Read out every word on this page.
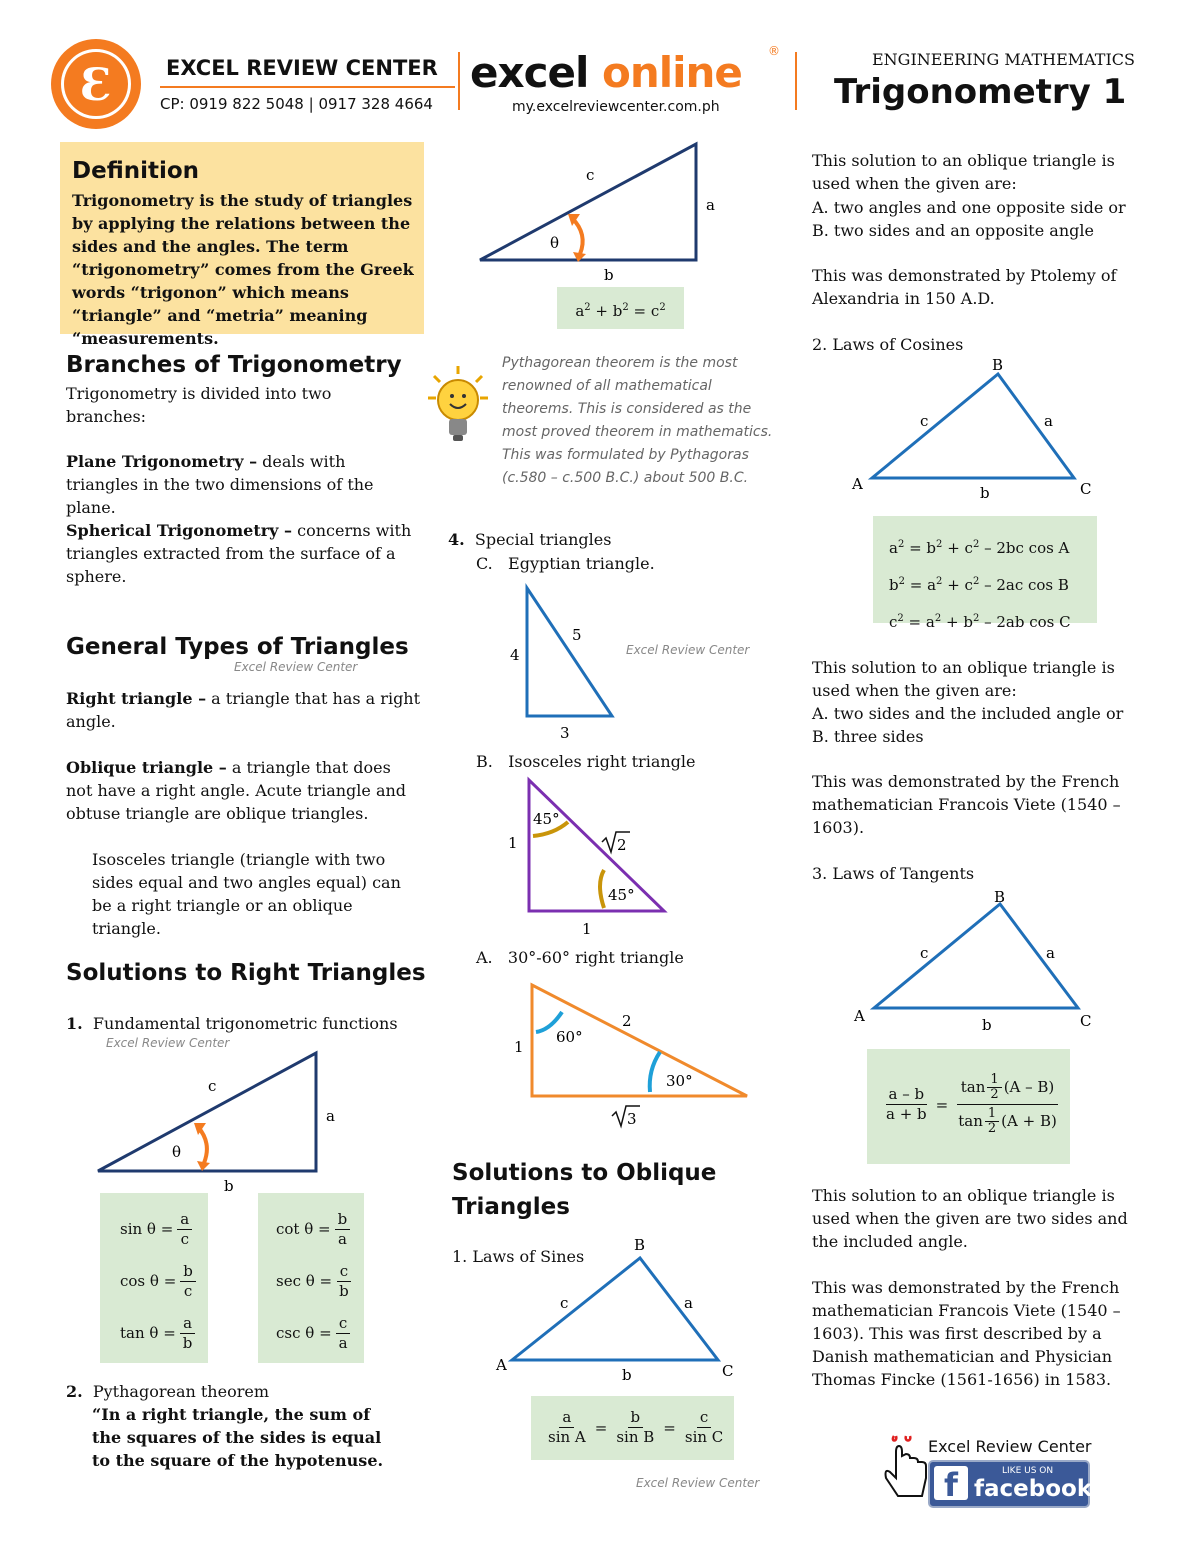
Ɛ	EXCEL REVIEW CENTER
CP: 0919 822 5048 | 0917 328 4664
excel online ®
my.excelreviewcenter.com.ph
ENGINEERING MATHEMATICS
Trigonometry 1
Definition
Trigonometry is the study of triangles by applying the relations between the sides and the angles. The term “trigonometry” comes from the Greek words “trigonon” which means “triangle” and “metria” meaning “measurements.
Branches of Trigonometry
Trigonometry is divided into two branches:
Plane Trigonometry – deals with triangles in the two dimensions of the plane.
Spherical Trigonometry – concerns with triangles extracted from the surface of a sphere.
General Types of Triangles
Excel Review Center
Right triangle – a triangle that has a right angle.
Oblique triangle – a triangle that does not have a right angle. Acute triangle and obtuse triangle are oblique triangles.
Isosceles triangle (triangle with two sides equal and two angles equal) can be a right triangle or an oblique triangle.
Solutions to Right Triangles
1. Fundamental trigonometric functions
Excel Review Center
c
a
b
θ
$\sin \theta = \frac{a}{c}$
$\cos \theta = \frac{b}{c}$
$\tan \theta = \frac{a}{b}$
$\cot \theta = \frac{b}{a}$
$\sec \theta = \frac{c}{b}$
$\csc \theta = \frac{c}{a}$
2. Pythagorean theorem
“In a right triangle, the sum of the squares of the sides is equal to the square of the hypotenuse.
c
a
b
θ
$a^2 + b^2 = c^2$
Pythagorean theorem is the most renowned of all mathematical theorems. This is considered as the most proved theorem in mathematics. This was formulated by Pythagoras (c.580 – c.500 B.C.) about 500 B.C.
4. Special triangles
C. Egyptian triangle.
4
5
3
Excel Review Center
B. Isosceles right triangle
45°
45°
1
1
2
A. 30°-60° right triangle
60°
30°
1
2
3
Solutions to Oblique Triangles
1. Laws of Sines
B
A	C
c	a
b
$\frac{a}{\text{sin A}} = \frac{b}{\text{sin B}} = \frac{c}{\text{sin C}}$
Excel Review Center
This solution to an oblique triangle is used when the given are:
A. two angles and one opposite side or
B. two sides and an opposite angle
This was demonstrated by Ptolemy of Alexandria in 150 A.D.
2. Laws of Cosines
B
A	C
c	a
b
$a^2 = b^2 + c^2 - 2bc$ cos A
$b^2 = a^2 + c^2 - 2ac$ cos B
$c^2 = a^2 + b^2 - 2ab$ cos C
This solution to an oblique triangle is used when the given are:
A. two sides and the included angle or
B. three sides
This was demonstrated by the French mathematician Francois Viete (1540 – 1603).
3. Laws of Tangents
B
A	C
c	a
b
$\frac{a - b}{a + b} = \frac{\tan \frac{1}{2} (A - B)}{\tan \frac{1}{2} (A + B)}$
This solution to an oblique triangle is used when the given are two sides and the included angle.
This was demonstrated by the French mathematician Francois Viete (1540 – 1603). This was first described by a Danish mathematician and Physician Thomas Fincke (1561-1656) in 1583.
Excel Review Center
f	LIKE US ON
facebook
